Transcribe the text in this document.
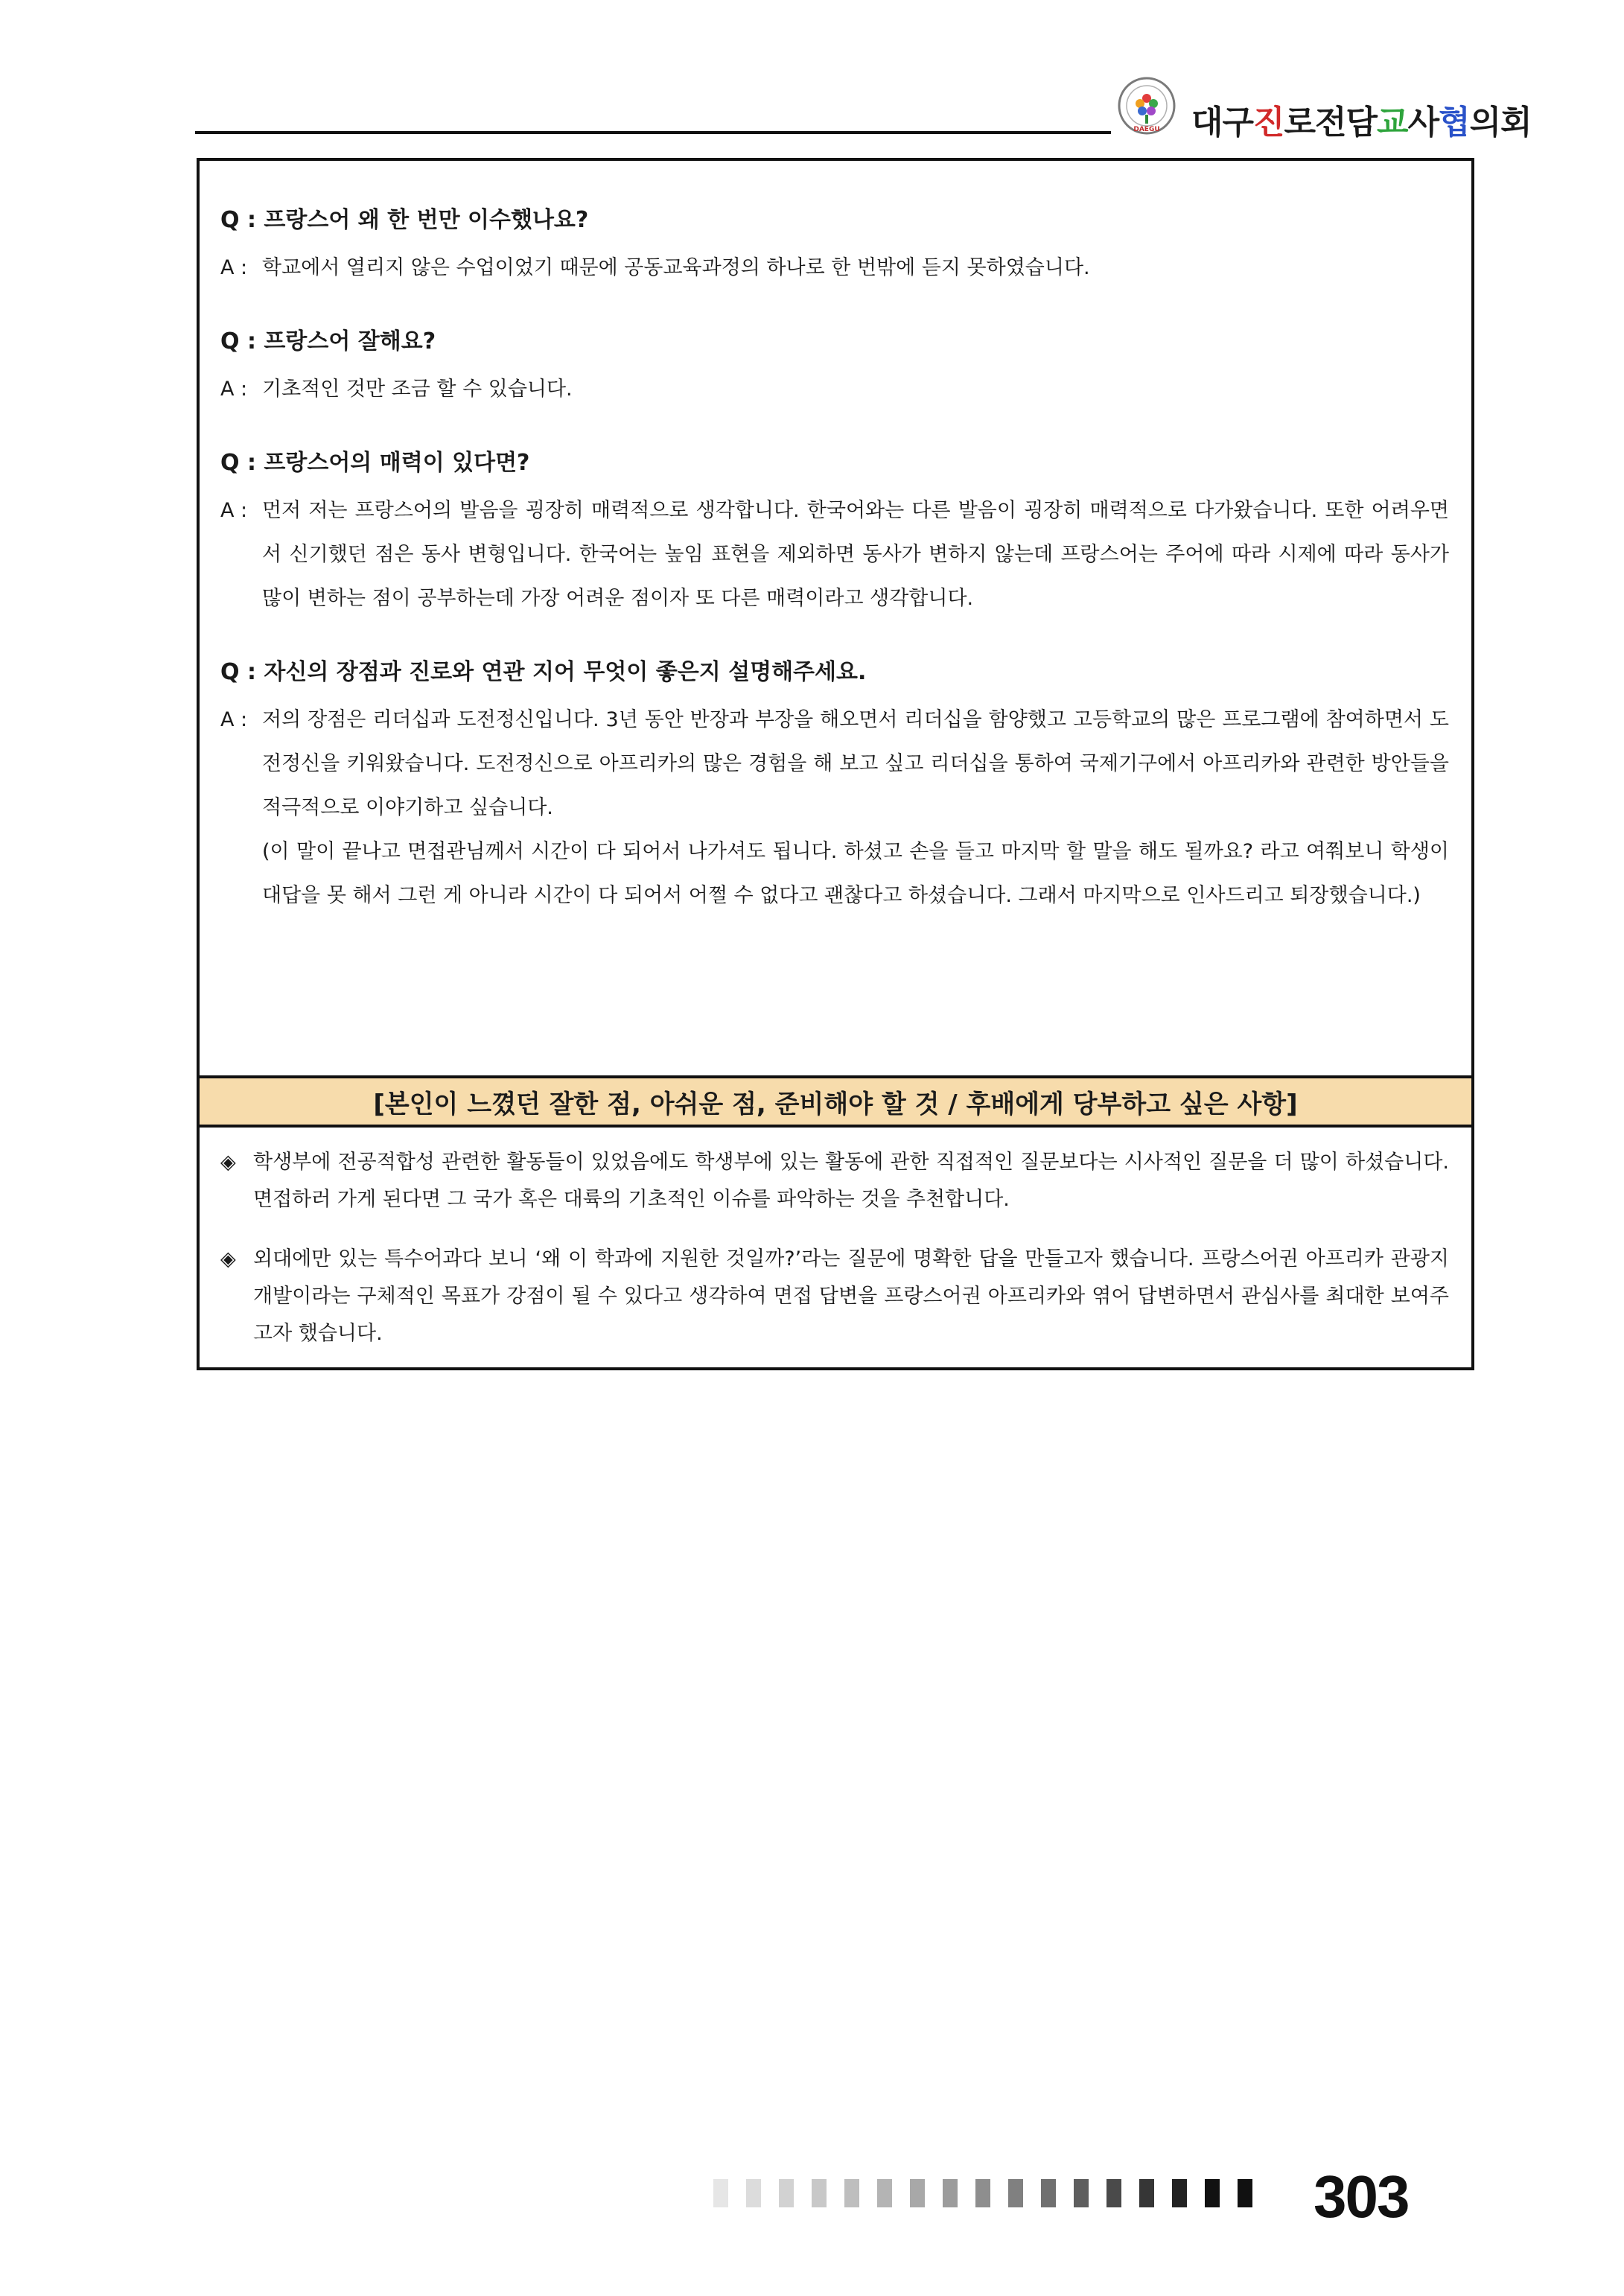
DAEGU 대구진로전담교사협의회
Q : 프랑스어 왜 한 번만 이수했나요?
A : 학교에서 열리지 않은 수업이었기 때문에 공동교육과정의 하나로 한 번밖에 듣지 못하였습니다.

Q : 프랑스어 잘해요?
A : 기초적인 것만 조금 할 수 있습니다.

Q : 프랑스어의 매력이 있다면?
A : 먼저 저는 프랑스어의 발음을 굉장히 매력적으로 생각합니다. 한국어와는 다른 발음이 굉장히 매력적으로 다가왔습니다. 또한 어려우면서 신기했던 점은 동사 변형입니다. 한국어는 높임 표현을 제외하면 동사가 변하지 않는데 프랑스어는 주어에 따라 시제에 따라 동사가 많이 변하는 점이 공부하는데 가장 어려운 점이자 또 다른 매력이라고 생각합니다.

Q : 자신의 장점과 진로와 연관 지어 무엇이 좋은지 설명해주세요.
A : 저의 장점은 리더십과 도전정신입니다. 3년 동안 반장과 부장을 해오면서 리더십을 함양했고 고등학교의 많은 프로그램에 참여하면서 도전정신을 키워왔습니다. 도전정신으로 아프리카의 많은 경험을 해 보고 싶고 리더십을 통하여 국제기구에서 아프리카와 관련한 방안들을 적극적으로 이야기하고 싶습니다.

(이 말이 끝나고 면접관님께서 시간이 다 되어서 나가셔도 됩니다. 하셨고 손을 들고 마지막 할 말을 해도 될까요? 라고 여쭤보니 학생이 대답을 못 해서 그런 게 아니라 시간이 다 되어서 어쩔 수 없다고 괜찮다고 하셨습니다. 그래서 마지막으로 인사드리고 퇴장했습니다.)

[본인이 느꼈던 잘한 점, 아쉬운 점, 준비해야 할 것 / 후배에게 당부하고 싶은 사항]
◈ 학생부에 전공적합성 관련한 활동들이 있었음에도 학생부에 있는 활동에 관한 직접적인 질문보다는 시사적인 질문을 더 많이 하셨습니다. 면접하러 가게 된다면 그 국가 혹은 대륙의 기초적인 이슈를 파악하는 것을 추천합니다.
◈ 외대에만 있는 특수어과다 보니 ‘왜 이 학과에 지원한 것일까?’라는 질문에 명확한 답을 만들고자 했습니다. 프랑스어권 아프리카 관광지 개발이라는 구체적인 목표가 강점이 될 수 있다고 생각하여 면접 답변을 프랑스어권 아프리카와 엮어 답변하면서 관심사를 최대한 보여주고자 했습니다.
303
